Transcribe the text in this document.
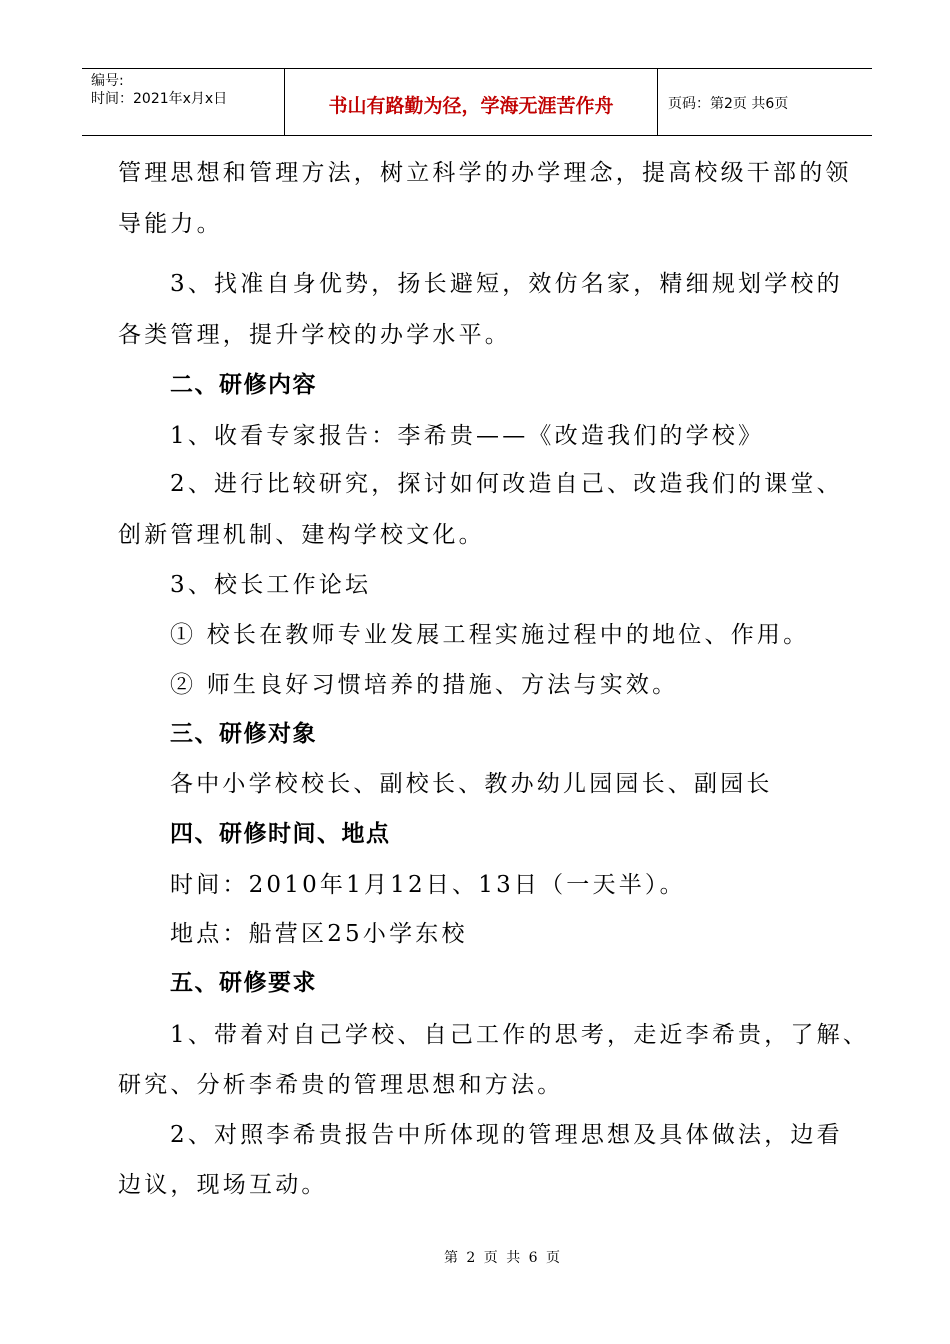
编号:
时间：2021年x月x日	书山有路勤为径，学海无涯苦作舟	页码：第2页 共6页
管理思想和管理方法，树立科学的办学理念，提高校级干部的领
导能力。
3、找准自身优势，扬长避短，效仿名家，精细规划学校的
各类管理，提升学校的办学水平。
二、研修内容
1、收看专家报告：李希贵——《改造我们的学校》
2、进行比较研究，探讨如何改造自己、改造我们的课堂、
创新管理机制、建构学校文化。
3、校长工作论坛
① 校长在教师专业发展工程实施过程中的地位、作用。
② 师生良好习惯培养的措施、方法与实效。
三、研修对象
各中小学校校长、副校长、教办幼儿园园长、副园长
四、研修时间、地点
时间：2010年1月12日、13日（一天半）。
地点：船营区25小学东校
五、研修要求
1、带着对自己学校、自己工作的思考，走近李希贵，了解、
研究、分析李希贵的管理思想和方法。
2、对照李希贵报告中所体现的管理思想及具体做法，边看
边议，现场互动。
第 2 页 共 6 页
